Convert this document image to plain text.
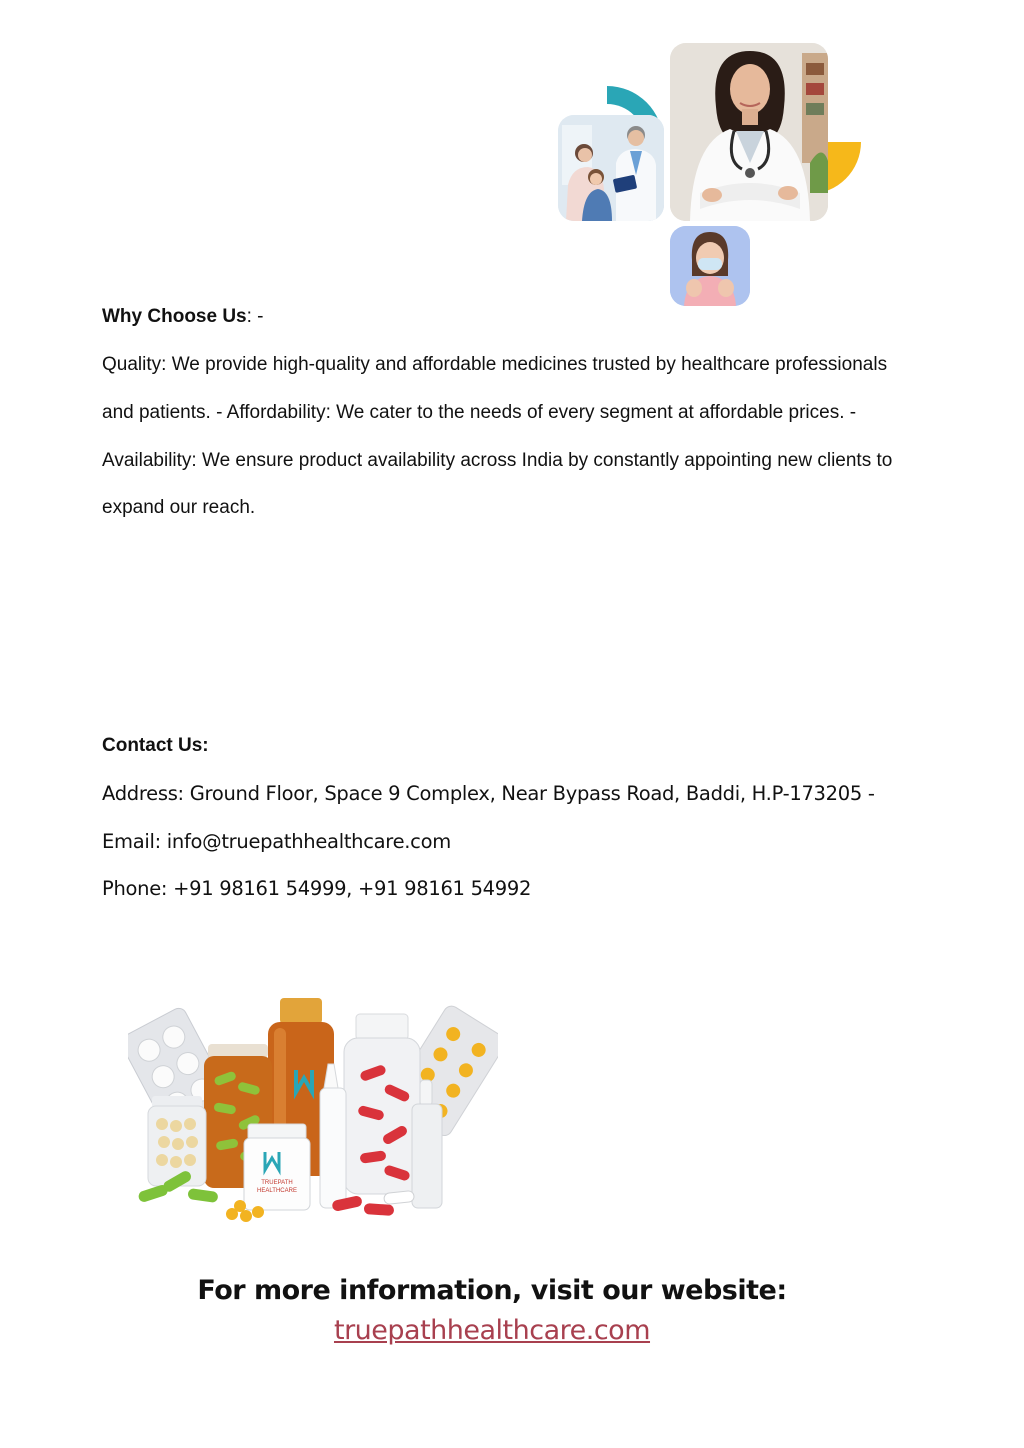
Why Choose Us: -
Quality: We provide high-quality and affordable medicines trusted by healthcare professionals and patients. - Affordability: We cater to the needs of every segment at affordable prices. - Availability: We ensure product availability across India by constantly appointing new clients to expand our reach.
Contact Us:
Address: Ground Floor, Space 9 Complex, Near Bypass Road, Baddi, H.P-173205 -
Email: info@truepathhealthcare.com
Phone: +91 98161 54999, +91 98161 54992
TRUEPATH
HEALTHCARE
For more information, visit our website:
truepathhealthcare.com
